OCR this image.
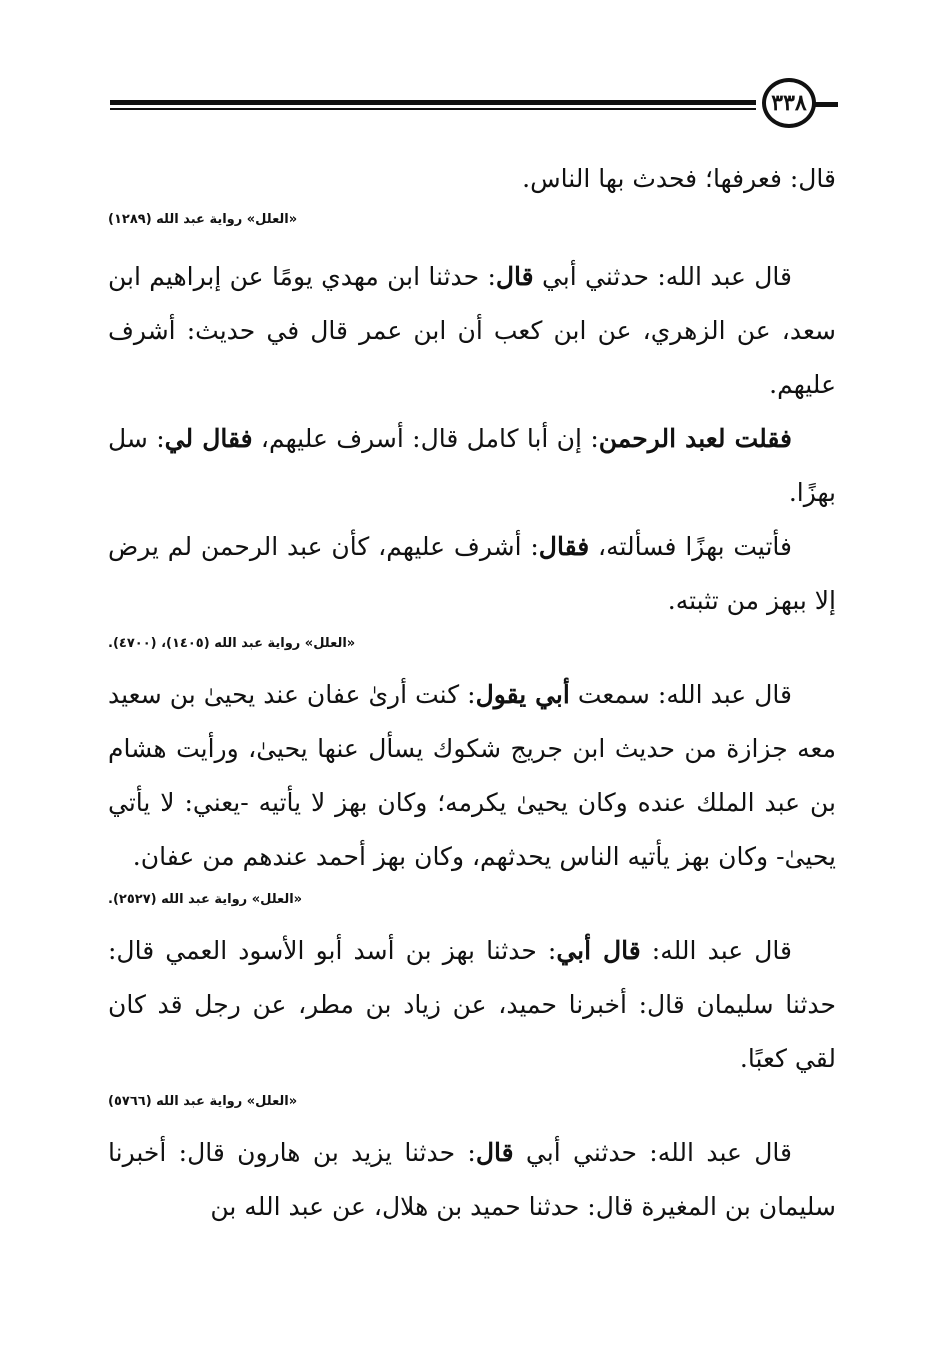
٣٣٨

قال: فعرفها؛ فحدث بها الناس.

«العلل» رواية عبد الله (١٢٨٩)

قال عبد الله: حدثني أبي قال: حدثنا ابن مهدي يومًا عن إبراهيم ابن سعد، عن الزهري، عن ابن كعب أن ابن عمر قال في حديث: أشرف عليهم.

فقلت لعبد الرحمن: إن أبا كامل قال: أسرف عليهم، فقال لي: سل بهزًا.

فأتيت بهزًا فسألته، فقال: أشرف عليهم، كأن عبد الرحمن لم يرض إلا ببهز من تثبته.

«العلل» رواية عبد الله (١٤٠٥)، (٤٧٠٠).

قال عبد الله: سمعت أبي يقول: كنت أرىٰ عفان عند يحيىٰ بن سعيد معه جزازة من حديث ابن جريج شكوك يسأل عنها يحيىٰ، ورأيت هشام بن عبد الملك عنده وكان يحيىٰ يكرمه؛ وكان بهز لا يأتيه -يعني: لا يأتي يحيىٰ- وكان بهز يأتيه الناس يحدثهم، وكان بهز أحمد عندهم من عفان.

«العلل» رواية عبد الله (٢٥٢٧).

قال عبد الله: قال أبي: حدثنا بهز بن أسد أبو الأسود العمي قال: حدثنا سليمان قال: أخبرنا حميد، عن زياد بن مطر، عن رجل قد كان لقي كعبًا.

«العلل» رواية عبد الله (٥٧٦٦)

قال عبد الله: حدثني أبي قال: حدثنا يزيد بن هارون قال: أخبرنا سليمان بن المغيرة قال: حدثنا حميد بن هلال، عن عبد الله بن
